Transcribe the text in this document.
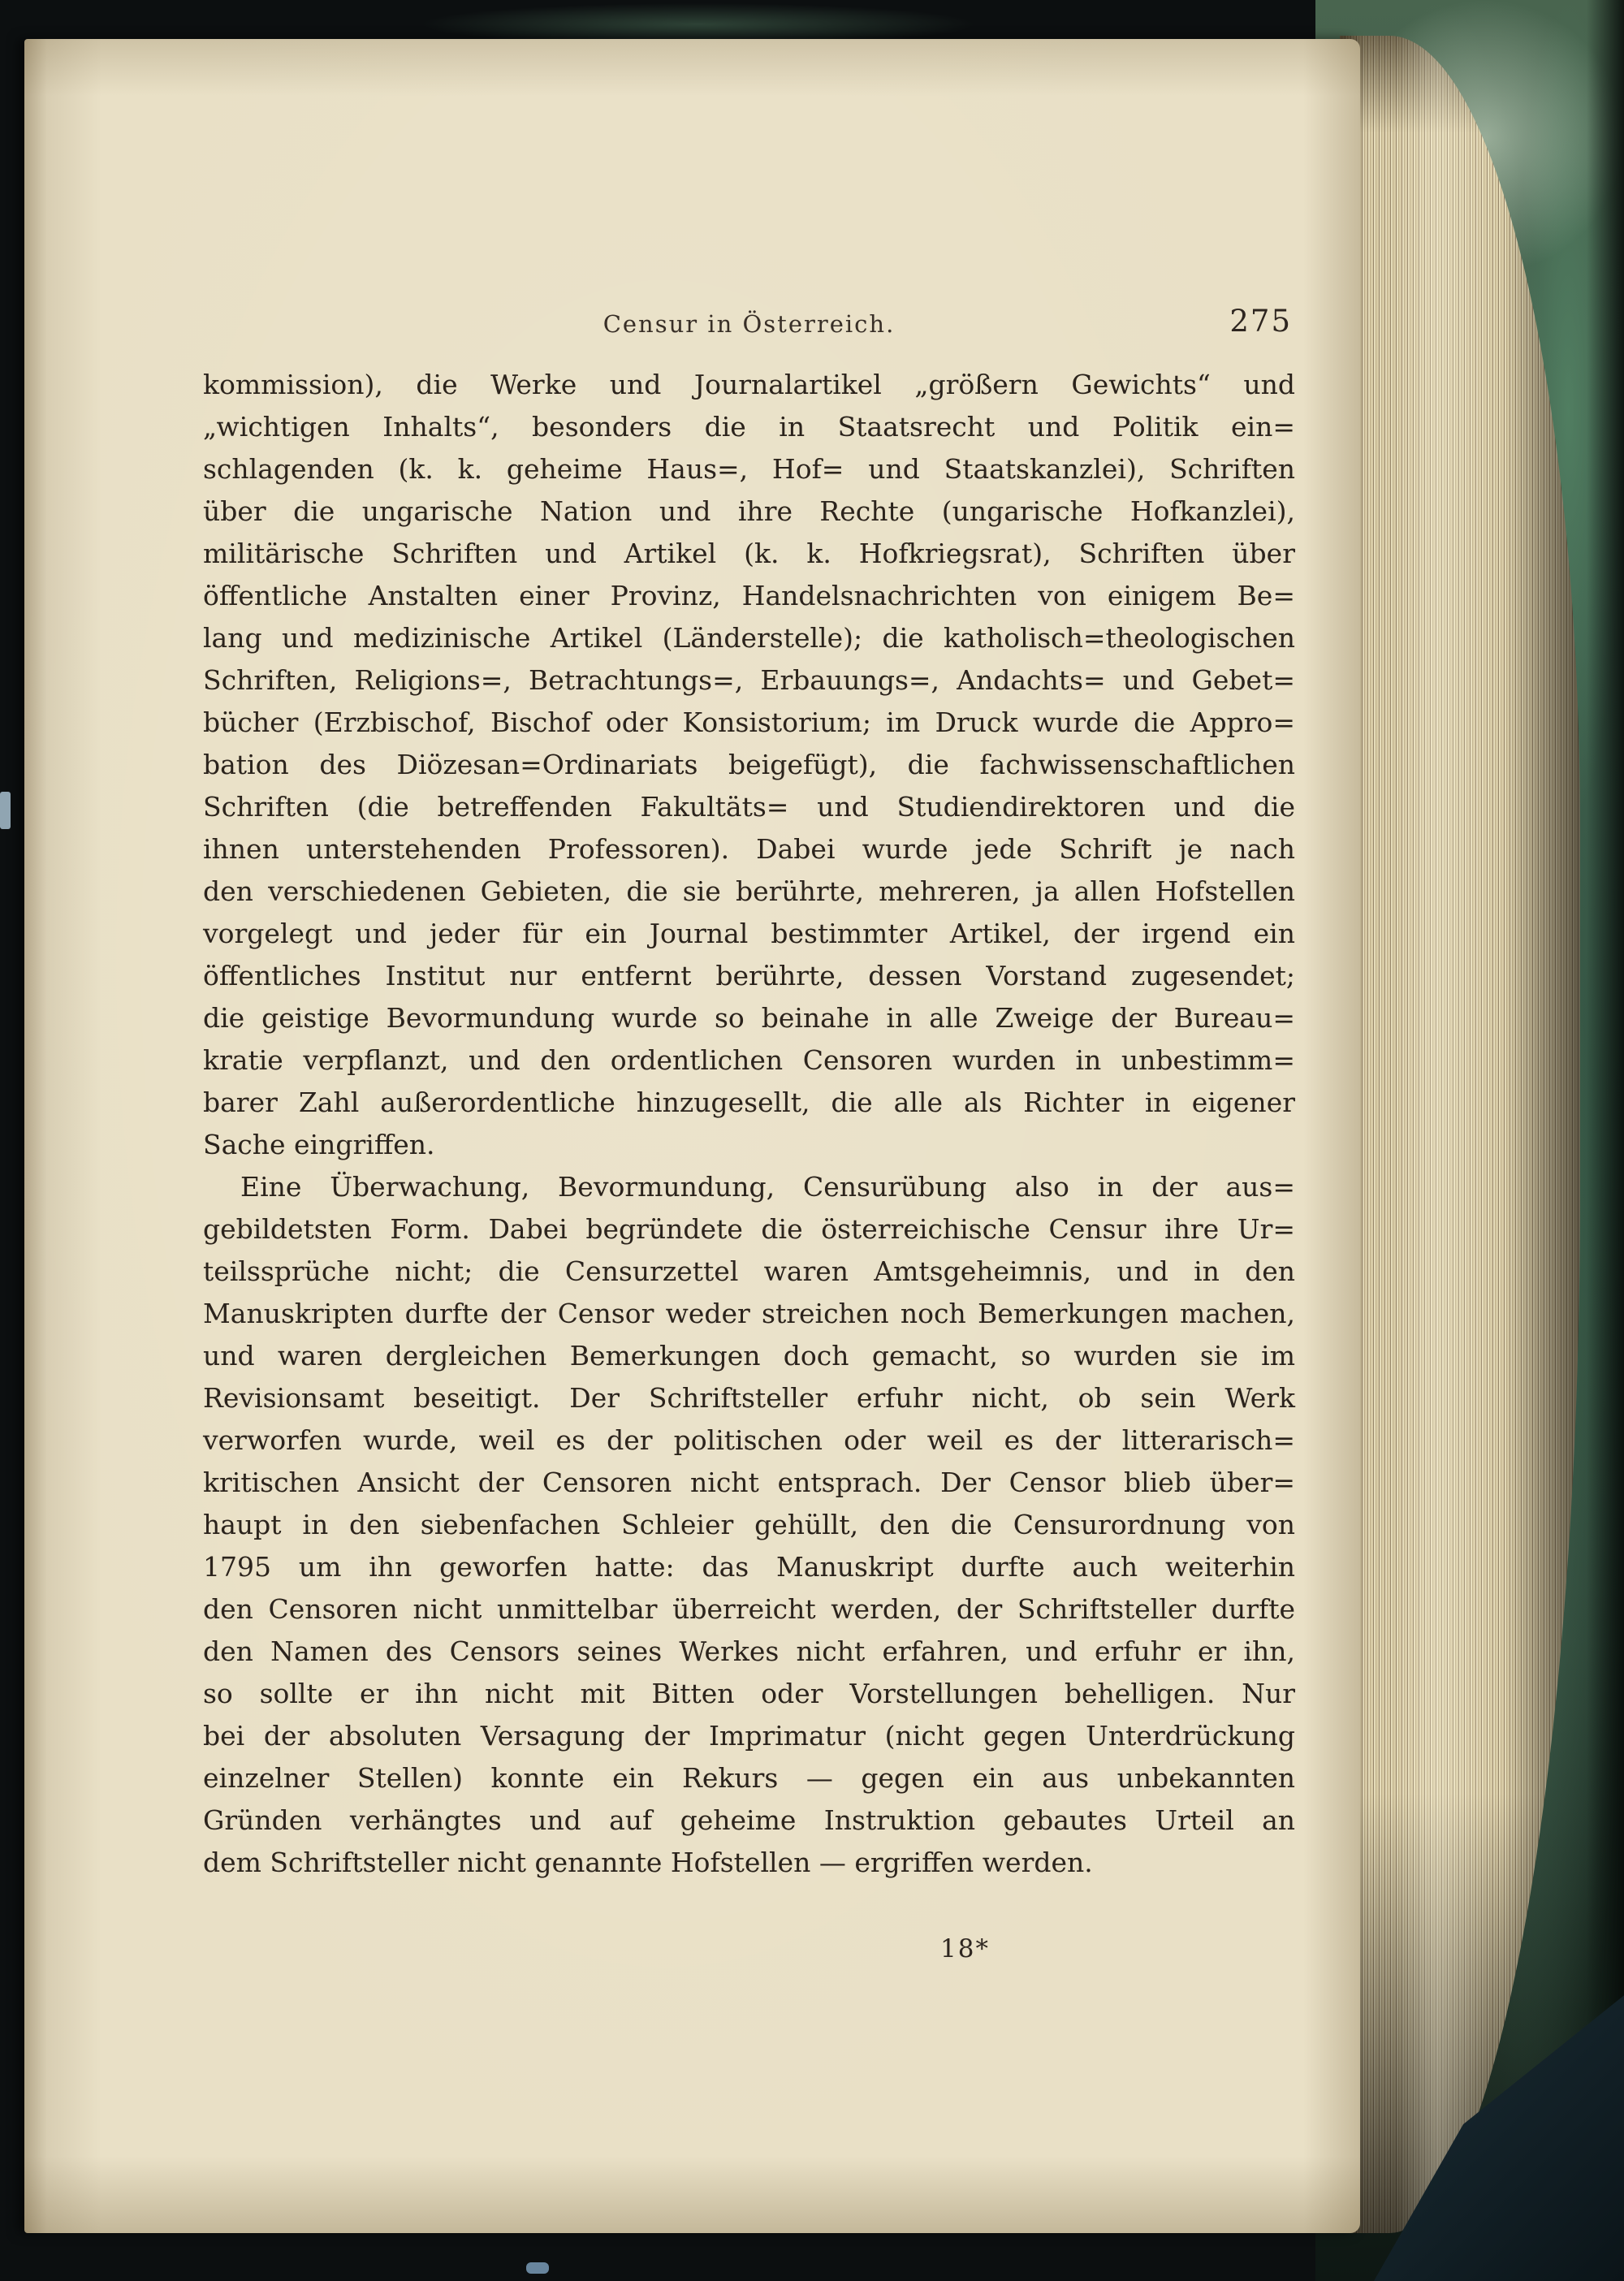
Censur in Österreich.	275
kommission), die Werke und Journalartikel „größern Gewichts“ und
„wichtigen Inhalts“, besonders die in Staatsrecht und Politik ein=
schlagenden (k. k. geheime Haus=, Hof= und Staatskanzlei), Schriften
über die ungarische Nation und ihre Rechte (ungarische Hofkanzlei),
militärische Schriften und Artikel (k. k. Hofkriegsrat), Schriften über
öffentliche Anstalten einer Provinz, Handelsnachrichten von einigem Be=
lang und medizinische Artikel (Länderstelle); die katholisch=theologischen
Schriften, Religions=, Betrachtungs=, Erbauungs=, Andachts= und Gebet=
bücher (Erzbischof, Bischof oder Konsistorium; im Druck wurde die Appro=
bation des Diözesan=Ordinariats beigefügt), die fachwissenschaftlichen
Schriften (die betreffenden Fakultäts= und Studiendirektoren und die
ihnen unterstehenden Professoren). Dabei wurde jede Schrift je nach
den verschiedenen Gebieten, die sie berührte, mehreren, ja allen Hofstellen
vorgelegt und jeder für ein Journal bestimmter Artikel, der irgend ein
öffentliches Institut nur entfernt berührte, dessen Vorstand zugesendet;
die geistige Bevormundung wurde so beinahe in alle Zweige der Bureau=
kratie verpflanzt, und den ordentlichen Censoren wurden in unbestimm=
barer Zahl außerordentliche hinzugesellt, die alle als Richter in eigener
Sache eingriffen.
Eine Überwachung, Bevormundung, Censurübung also in der aus=
gebildetsten Form. Dabei begründete die österreichische Censur ihre Ur=
teilssprüche nicht; die Censurzettel waren Amtsgeheimnis, und in den
Manuskripten durfte der Censor weder streichen noch Bemerkungen machen,
und waren dergleichen Bemerkungen doch gemacht, so wurden sie im
Revisionsamt beseitigt. Der Schriftsteller erfuhr nicht, ob sein Werk
verworfen wurde, weil es der politischen oder weil es der litterarisch=
kritischen Ansicht der Censoren nicht entsprach. Der Censor blieb über=
haupt in den siebenfachen Schleier gehüllt, den die Censurordnung von
1795 um ihn geworfen hatte: das Manuskript durfte auch weiterhin
den Censoren nicht unmittelbar überreicht werden, der Schriftsteller durfte
den Namen des Censors seines Werkes nicht erfahren, und erfuhr er ihn,
so sollte er ihn nicht mit Bitten oder Vorstellungen behelligen. Nur
bei der absoluten Versagung der Imprimatur (nicht gegen Unterdrückung
einzelner Stellen) konnte ein Rekurs — gegen ein aus unbekannten
Gründen verhängtes und auf geheime Instruktion gebautes Urteil an
dem Schriftsteller nicht genannte Hofstellen — ergriffen werden.
18*
